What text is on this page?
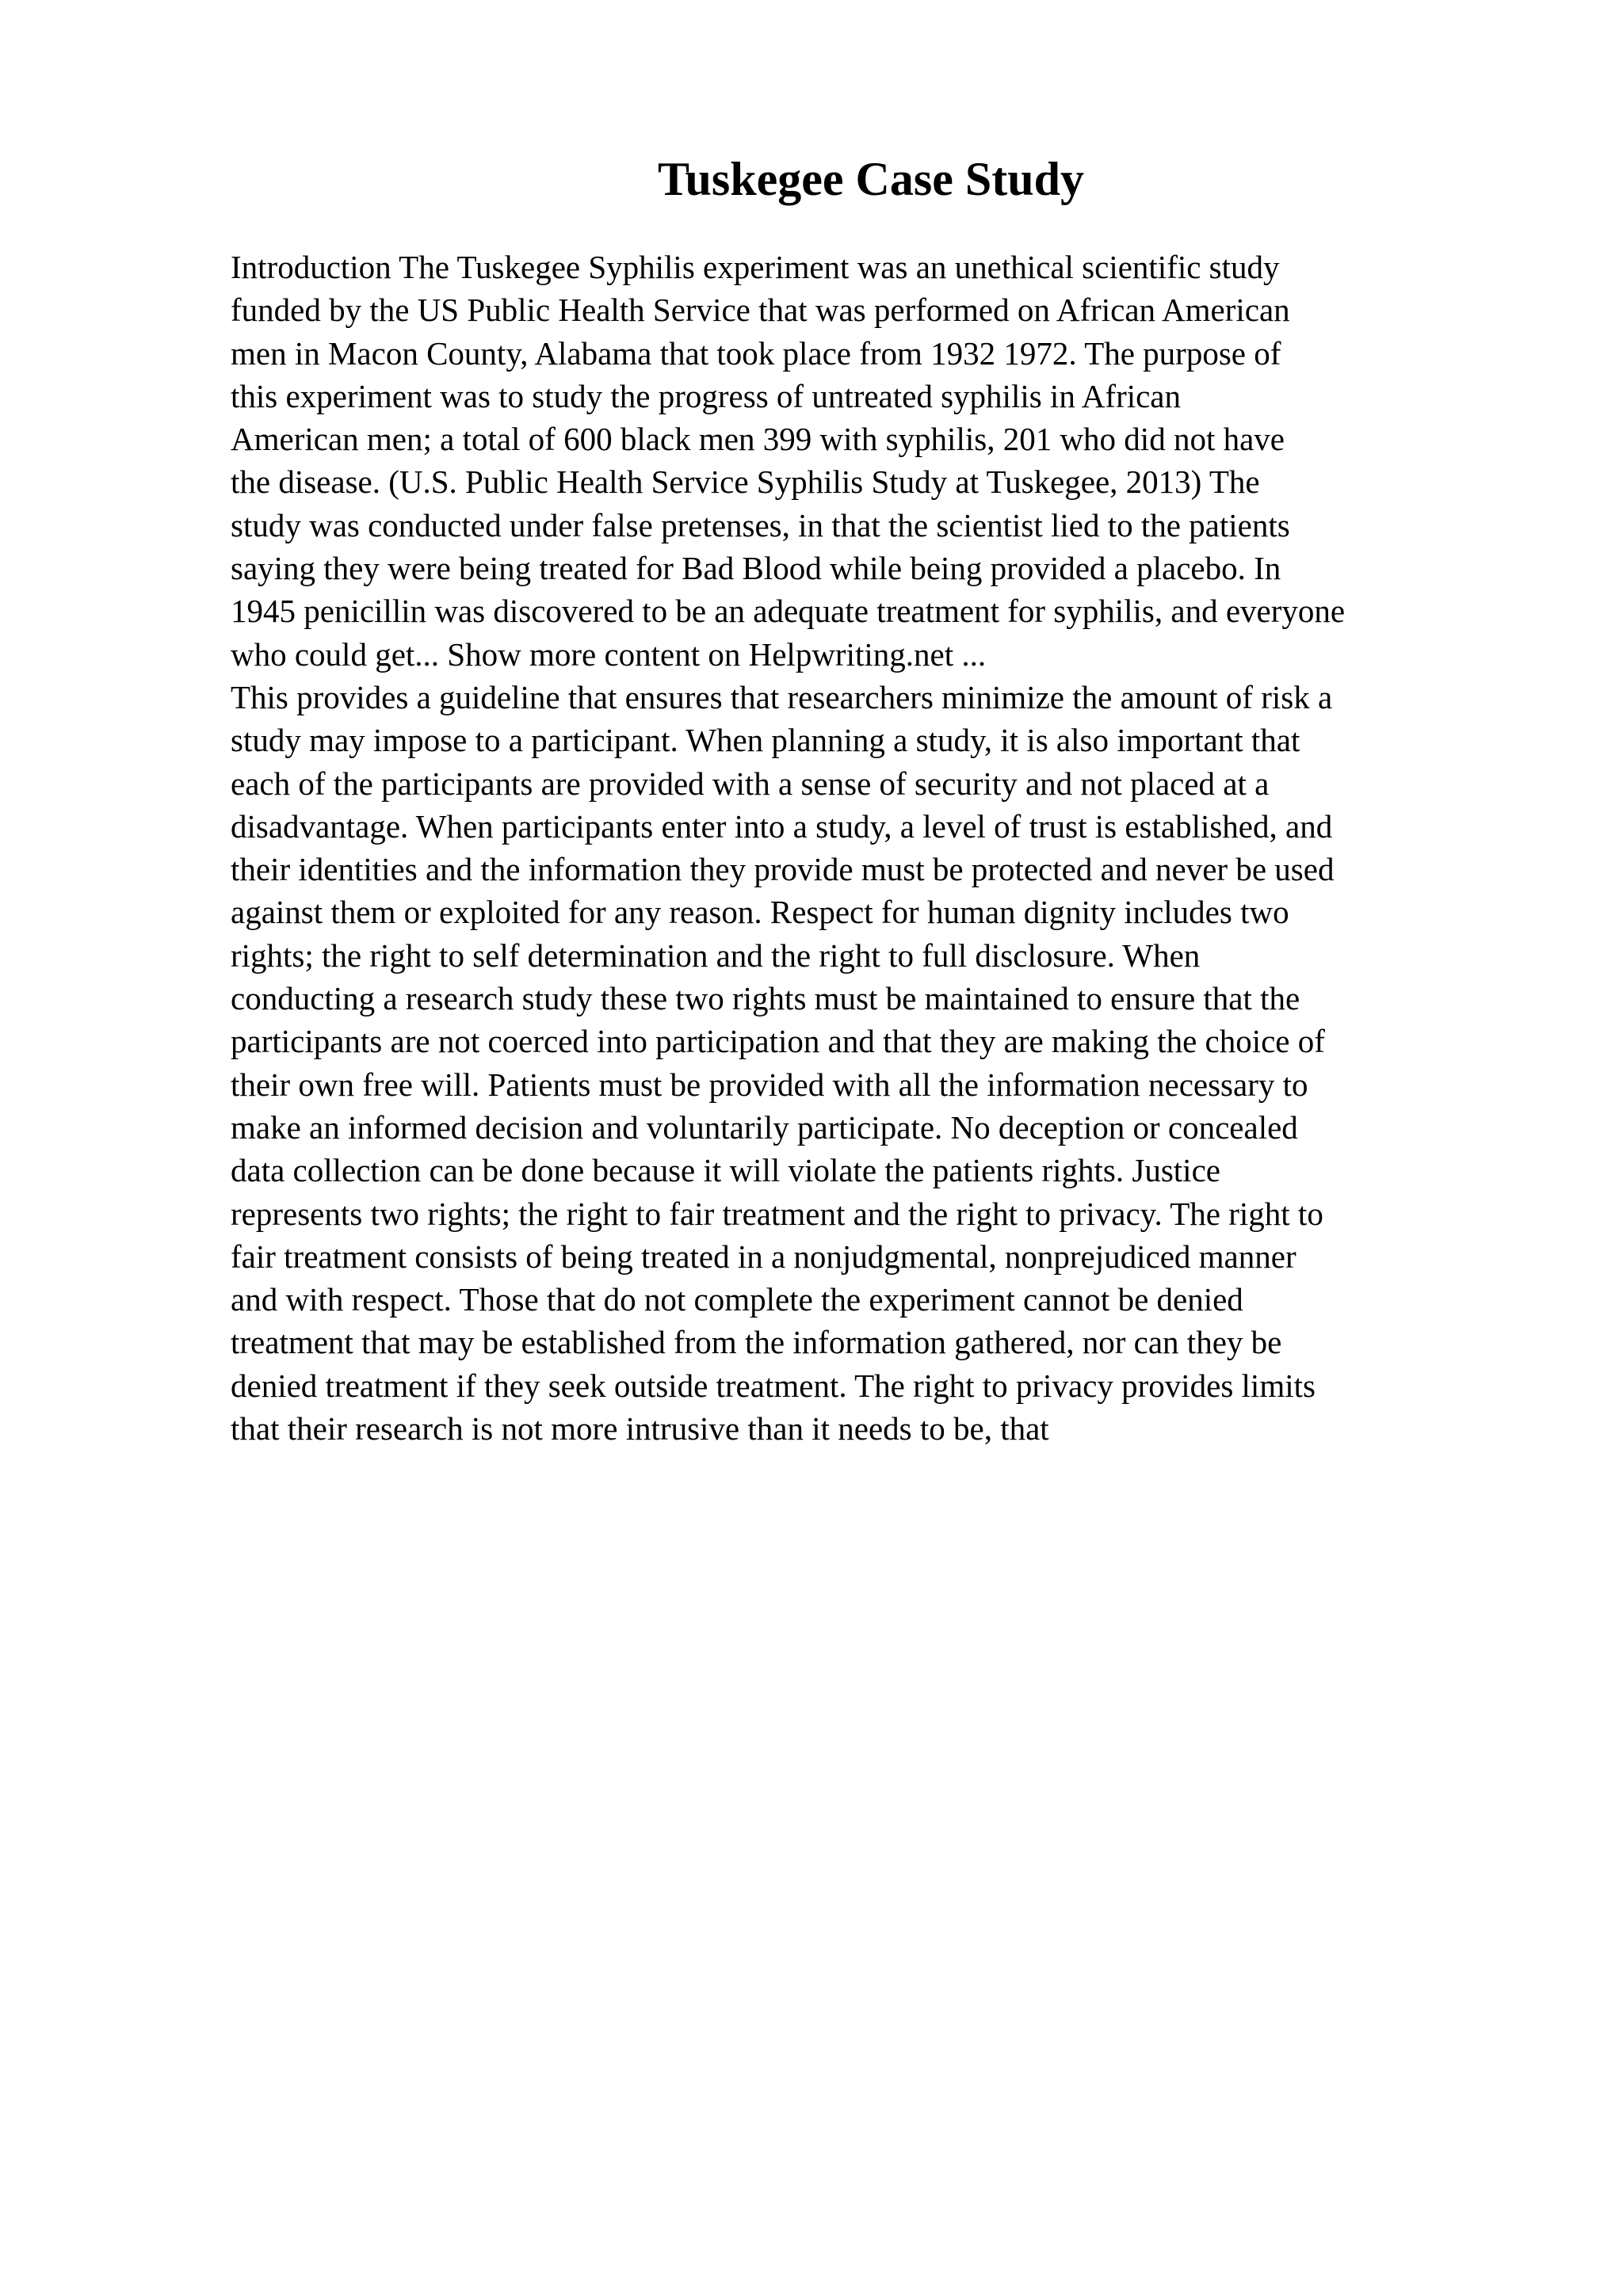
Tuskegee Case Study
Introduction The Tuskegee Syphilis experiment was an unethical scientific study
funded by the US Public Health Service that was performed on African American
men in Macon County, Alabama that took place from 1932 1972. The purpose of
this experiment was to study the progress of untreated syphilis in African
American men; a total of 600 black men 399 with syphilis, 201 who did not have
the disease. (U.S. Public Health Service Syphilis Study at Tuskegee, 2013) The
study was conducted under false pretenses, in that the scientist lied to the patients
saying they were being treated for Bad Blood while being provided a placebo. In
1945 penicillin was discovered to be an adequate treatment for syphilis, and everyone
who could get... Show more content on Helpwriting.net ...
This provides a guideline that ensures that researchers minimize the amount of risk a
study may impose to a participant. When planning a study, it is also important that
each of the participants are provided with a sense of security and not placed at a
disadvantage. When participants enter into a study, a level of trust is established, and
their identities and the information they provide must be protected and never be used
against them or exploited for any reason. Respect for human dignity includes two
rights; the right to self determination and the right to full disclosure. When
conducting a research study these two rights must be maintained to ensure that the
participants are not coerced into participation and that they are making the choice of
their own free will. Patients must be provided with all the information necessary to
make an informed decision and voluntarily participate. No deception or concealed
data collection can be done because it will violate the patients rights. Justice
represents two rights; the right to fair treatment and the right to privacy. The right to
fair treatment consists of being treated in a nonjudgmental, nonprejudiced manner
and with respect. Those that do not complete the experiment cannot be denied
treatment that may be established from the information gathered, nor can they be
denied treatment if they seek outside treatment. The right to privacy provides limits
that their research is not more intrusive than it needs to be, that
